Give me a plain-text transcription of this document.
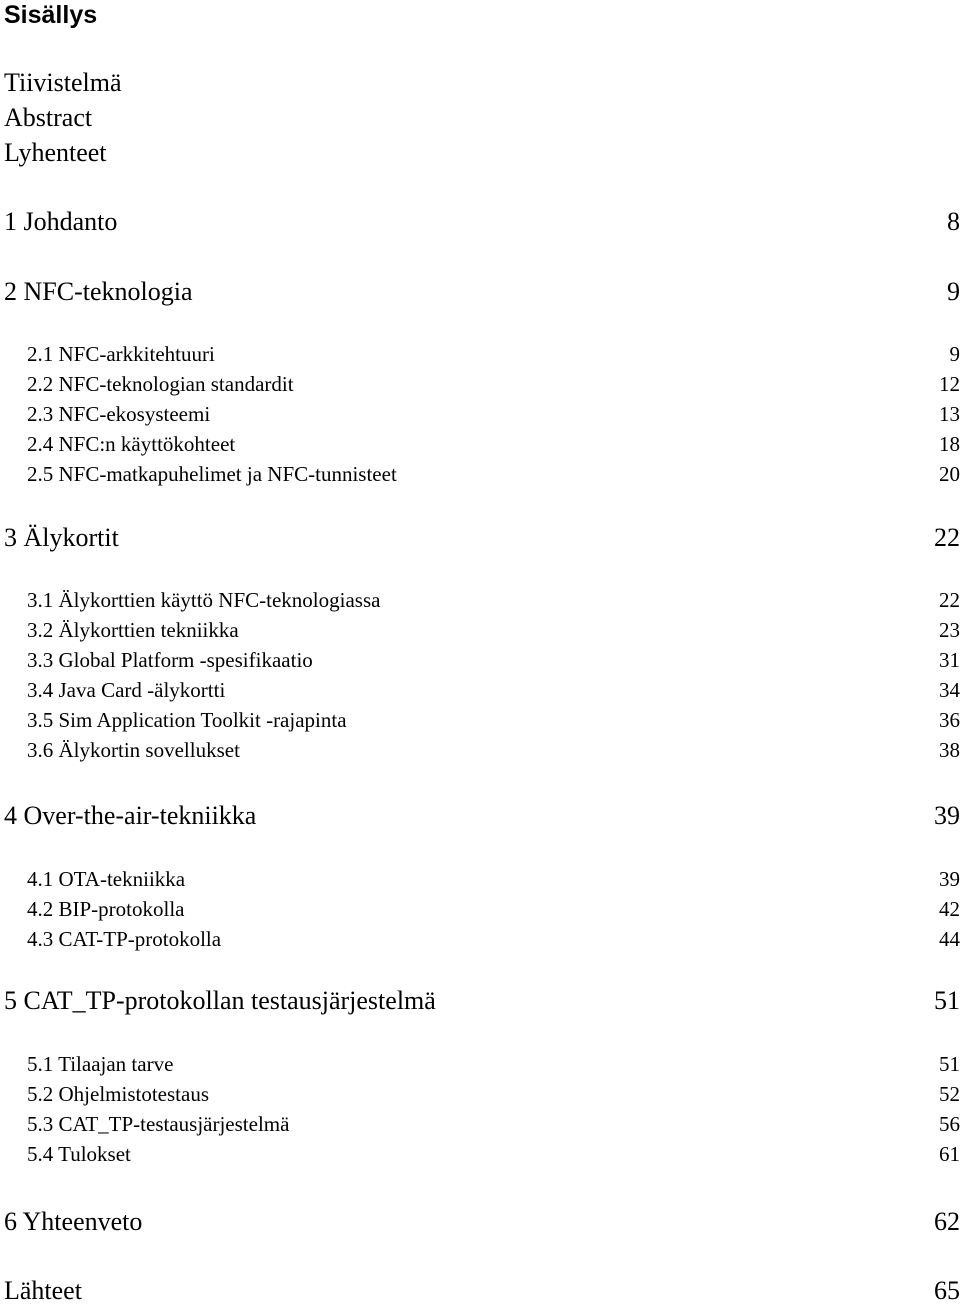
Sisällys
Tiivistelmä
Abstract
Lyhenteet
1 Johdanto	8
2 NFC-teknologia	9
2.1 NFC-arkkitehtuuri	9
2.2 NFC-teknologian standardit	12
2.3 NFC-ekosysteemi	13
2.4 NFC:n käyttökohteet	18
2.5 NFC-matkapuhelimet ja NFC-tunnisteet	20
3 Älykortit	22
3.1 Älykorttien käyttö NFC-teknologiassa	22
3.2 Älykorttien tekniikka	23
3.3 Global Platform -spesifikaatio	31
3.4 Java Card -älykortti	34
3.5 Sim Application Toolkit -rajapinta	36
3.6 Älykortin sovellukset	38
4 Over-the-air-tekniikka	39
4.1 OTA-tekniikka	39
4.2 BIP-protokolla	42
4.3 CAT-TP-protokolla	44
5 CAT_TP-protokollan testausjärjestelmä	51
5.1 Tilaajan tarve	51
5.2 Ohjelmistotestaus	52
5.3 CAT_TP-testausjärjestelmä	56
5.4 Tulokset	61
6 Yhteenveto	62
Lähteet	65
